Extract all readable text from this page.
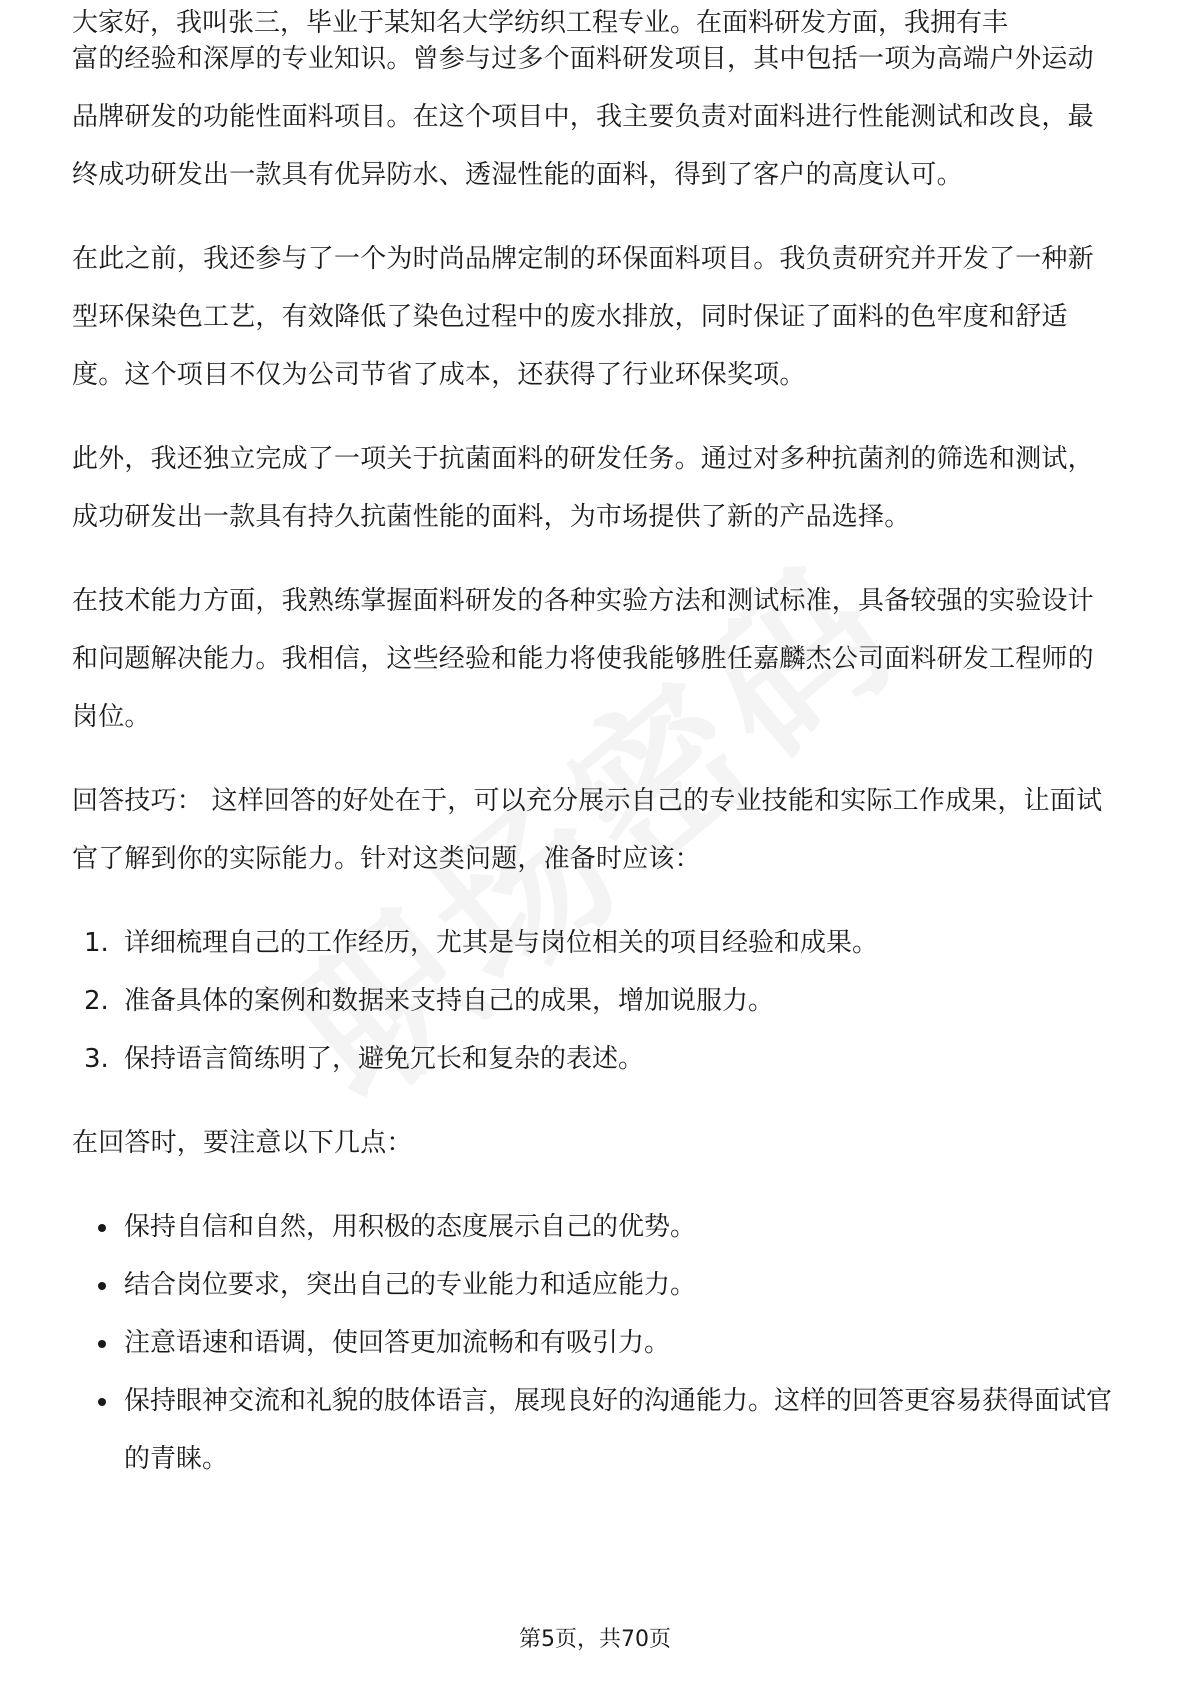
大家好，我叫张三，毕业于某知名大学纺织工程专业。在面料研发方面，我拥有丰

富的经验和深厚的专业知识。曾参与过多个面料研发项目，其中包括一项为高端户外运动品牌研发的功能性面料项目。在这个项目中，我主要负责对面料进行性能测试和改良，最终成功研发出一款具有优异防水、透湿性能的面料，得到了客户的高度认可。

在此之前，我还参与了一个为时尚品牌定制的环保面料项目。我负责研究并开发了一种新型环保染色工艺，有效降低了染色过程中的废水排放，同时保证了面料的色牢度和舒适度。这个项目不仅为公司节省了成本，还获得了行业环保奖项。

此外，我还独立完成了一项关于抗菌面料的研发任务。通过对多种抗菌剂的筛选和测试，成功研发出一款具有持久抗菌性能的面料，为市场提供了新的产品选择。

在技术能力方面，我熟练掌握面料研发的各种实验方法和测试标准，具备较强的实验设计和问题解决能力。我相信，这些经验和能力将使我能够胜任嘉麟杰公司面料研发工程师的岗位。

回答技巧： 这样回答的好处在于，可以充分展示自己的专业技能和实际工作成果，让面试官了解到你的实际能力。针对这类问题，准备时应该：

1. 详细梳理自己的工作经历，尤其是与岗位相关的项目经验和成果。
2. 准备具体的案例和数据来支持自己的成果，增加说服力。
3. 保持语言简练明了，避免冗长和复杂的表述。

在回答时，要注意以下几点：

保持自信和自然，用积极的态度展示自己的优势。
结合岗位要求，突出自己的专业能力和适应能力。
注意语速和语调，使回答更加流畅和有吸引力。
保持眼神交流和礼貌的肢体语言，展现良好的沟通能力。这样的回答更容易获得面试官的青睐。
第5页，共70页
